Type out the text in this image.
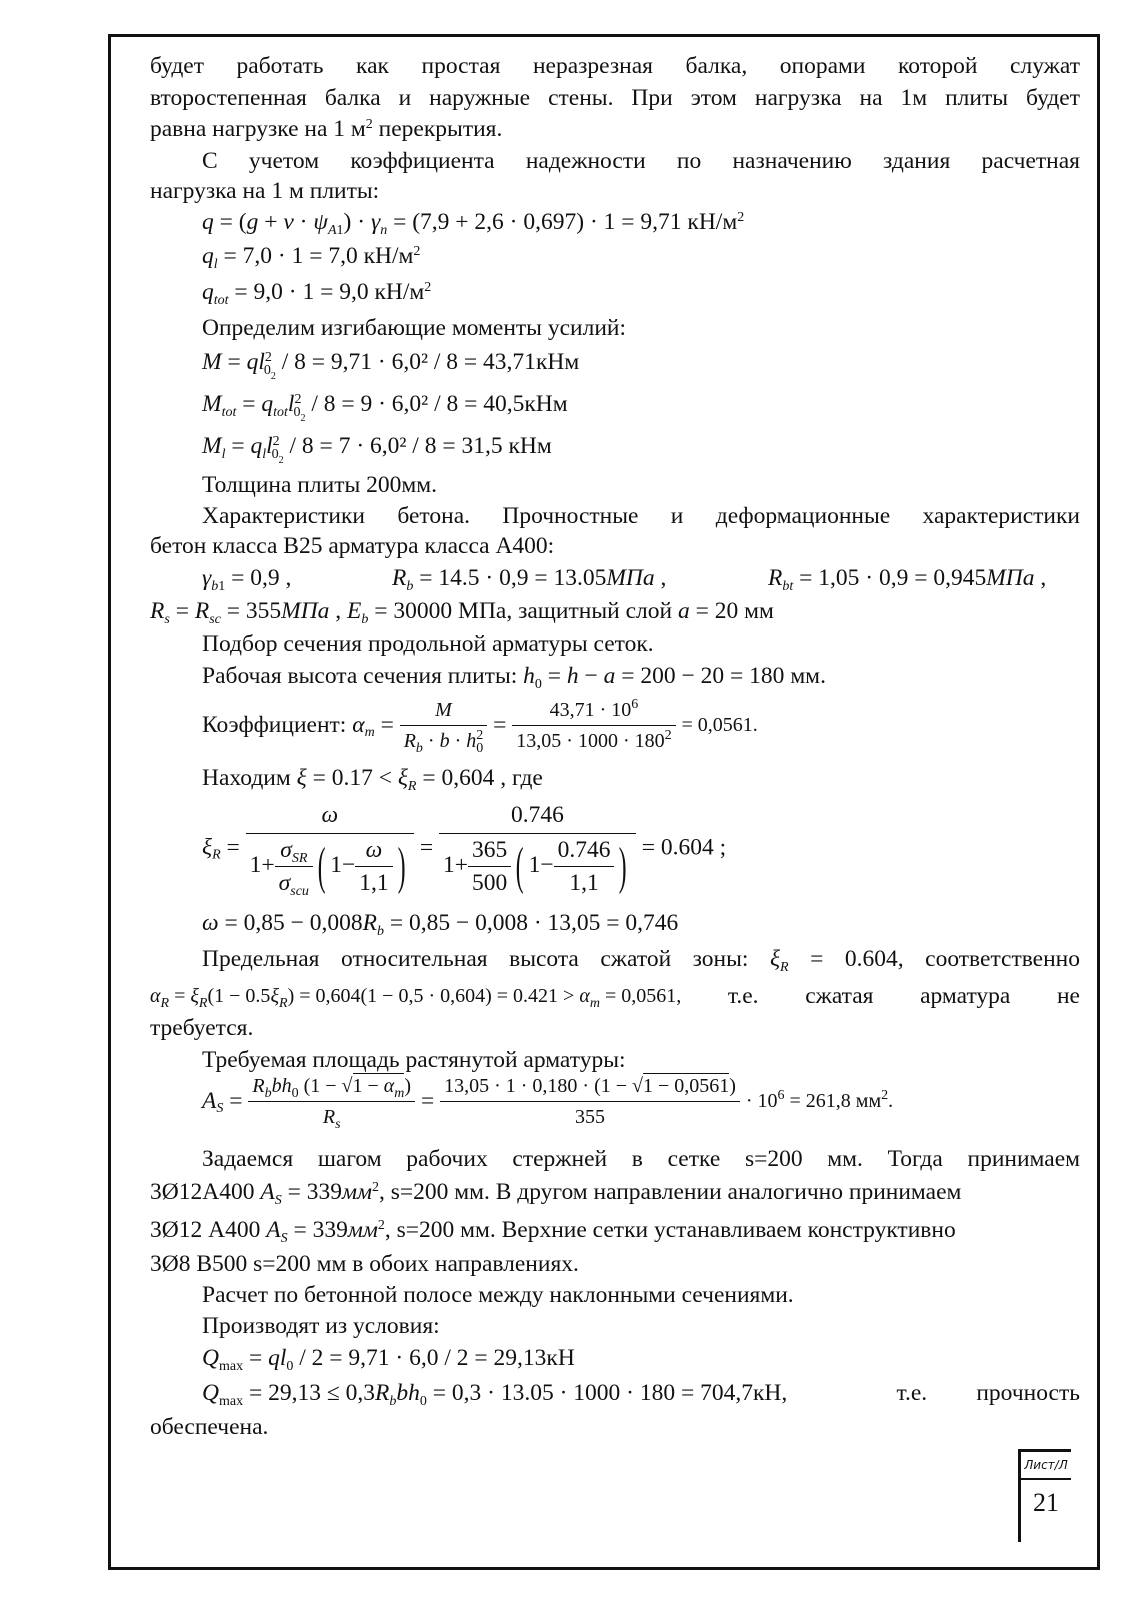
будет работать как простая неразрезная балка, опорами которой служат
второстепенная балка и наружные стены. При этом нагрузка на 1м плиты будет
равна нагрузке на 1 $м^2$ перекрытия.
С учетом коэффициента надежности по назначению здания расчетная
нагрузка на 1 м плиты:
$q = (g + v \cdot \psi_{A1}) \cdot \gamma_n = (7,9 + 2,6 \cdot 0,697) \cdot 1 = 9,71$ $кН/м^2$
$q_l = 7,0 \cdot 1 = 7,0$ $кН/м^2$
$q_{tot} = 9,0 \cdot 1 = 9,0$ $кН/м^2$
Определим изгибающие моменты усилий:
$M = ql^2_{0_2} / 8 = 9,71 \cdot 6,0^2 / 8 = 43,71кНм$
$M_{tot} = q_{tot}l^2_{0_2} / 8 = 9 \cdot 6,0^2 / 8 = 40,5кНм$
$M_l = q_ll^2_{0_2} / 8 = 7 \cdot 6,0^2 / 8 = 31,5$ кНм
Толщина плиты 200мм.
Характеристики бетона. Прочностные и деформационные характеристики
бетон класса В25 арматура класса А400:
$\gamma_{b1} = 0,9$ ,	$R_b = 14.5 \cdot 0,9 = 13.05МПа$ ,	$R_{bt} = 1,05 \cdot 0,9 = 0,945МПа$ ,
$R_s = R_{sc} = 355МПа$ , $E_b = 30000$ МПа, защитный слой a = 20 мм
Подбор сечения продольной арматуры сеток.
Рабочая высота сечения плиты: $h_0 = h - a = 200 - 20 = 180$ мм.
Коэффициент: $\alpha_m = \frac{M}{R_b \cdot b \cdot h^2_0} = \frac{43,71 \cdot 10^6}{13,05 \cdot 1000 \cdot 180^2} = 0,0561$.
Находим $\xi = 0.17 < \xi_R = 0,604$ , где
$\xi_R = \frac{\omega}{1+ \frac{\sigma_{SR}}{\sigma_{scu}} ( 1- \frac{\omega}{1,1} )} = \frac{0.746}{1+ \frac{365}{500} ( 1- \frac{0.746}{1,1} )} = 0.604$ ;
$\omega = 0,85 - 0,008R_b = 0,85 - 0,008 \cdot 13,05 = 0,746$
Предельная относительная высота сжатой зоны: $\xi_R = 0.604$, соответственно
$\alpha_R = \xi_R(1 - 0.5\xi_R) = 0,604(1 - 0,5 \cdot 0,604) = 0.421 > \alpha_m = 0,0561$, т.е. сжатая арматура не
требуется.
Требуемая площадь растянутой арматуры:
$A_S = \frac{R_bbh_0 (1 - √1 - \alpha_m)}{R_s} = \frac{13,05 \cdot 1 \cdot 0,180 \cdot (1 - √1 - 0,0561)}{355} \cdot 10^6 = 261,8$ $мм^2$.
Задаемся шагом рабочих стержней в сетке s=200 мм. Тогда принимаем
3Ø12А400 $A_S = 339мм^2$, s=200 мм. В другом направлении аналогично принимаем
3Ø12 А400 $A_S = 339мм^2$, s=200 мм. Верхние сетки устанавливаем конструктивно
3Ø8 В500 s=200 мм в обоих направлениях.
Расчет по бетонной полосе между наклонными сечениями.
Производят из условия:
$Q_{max} = ql_0 / 2 = 9,71 \cdot 6,0 / 2 = 29,13кН$
$Q_{max} = 29,13 \le 0,3R_bbh_0 = 0,3 \cdot 13.05 \cdot 1000 \cdot 180 = 704,7кН$,	т.е. прочность
обеспечена.
Лист/Л
21
